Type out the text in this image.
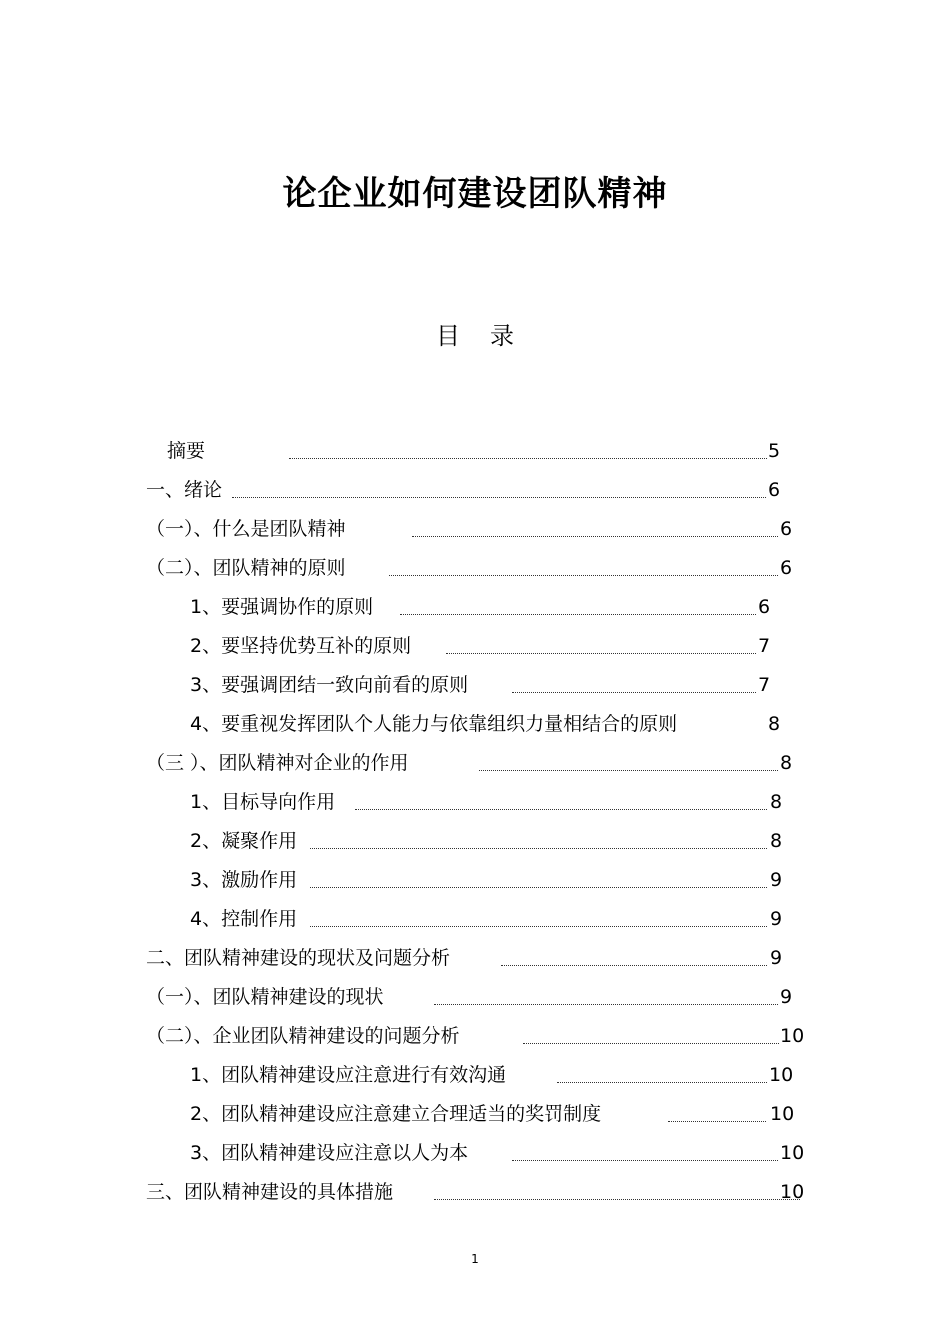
论企业如何建设团队精神
目 录
摘要	5
一、绪论	6
（一）、什么是团队精神	6
（二）、团队精神的原则	6
1、要强调协作的原则	6
2、要坚持优势互补的原则	7
3、要强调团结一致向前看的原则	7
4、要重视发挥团队个人能力与依靠组织力量相结合的原则	8
（三 ）、团队精神对企业的作用	8
1、目标导向作用	8
2、凝聚作用	8
3、激励作用	9
4、控制作用	9
二、团队精神建设的现状及问题分析	9
（一）、团队精神建设的现状	9
（二）、企业团队精神建设的问题分析	10
1、团队精神建设应注意进行有效沟通	10
2、团队精神建设应注意建立合理适当的奖罚制度	10
3、团队精神建设应注意以人为本	10
三、团队精神建设的具体措施	10
1
